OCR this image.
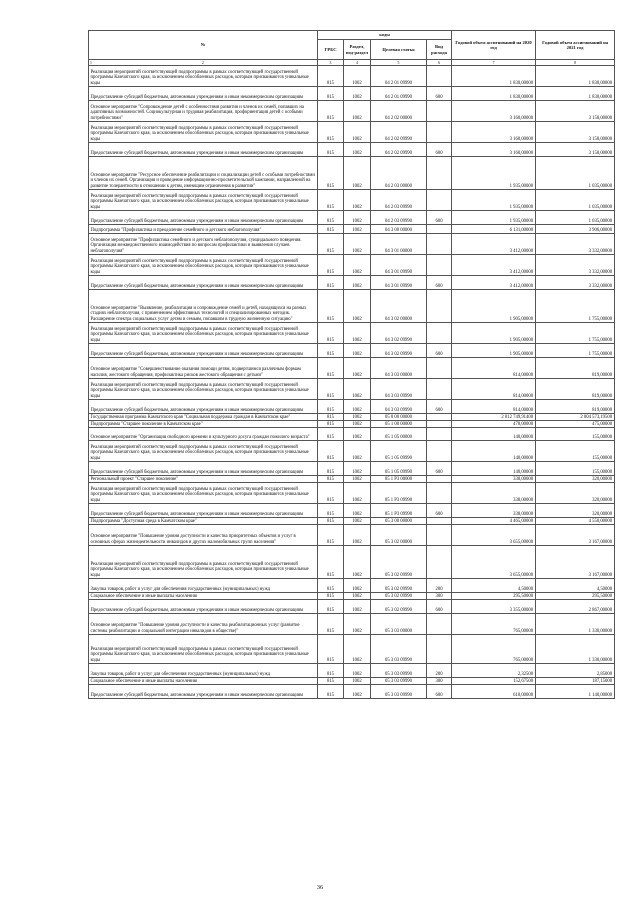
№	коды				Годовой объем ассигнований на 2020 год	Годовой объем ассигнований на 2021 год
	ГРБС	Раздел, под-раздел	Целевая статья	Вид расхода		
1 2	3	4	5	6	7	8
Реализация мероприятий соответствующей подпрограммы в рамках соответствующей государственной программы Камчатского края, за исключением обособленных расходов, которым присваиваются уникальные коды	815	1002	04 2 01 09990		1 830,00000	1 830,00000
Предоставление субсидий бюджетным, автономным учреждениям и иным некоммерческим организациям	815	1002	04 2 01 09990	600	1 830,00000	1 830,00000
Основное мероприятие "Сопровождение детей с особенностями развития и членов их семей, попавших на адаптивных возможностей. Социокультурная и трудовая реабилитация, профориентация детей с особыми потребностями"	815	1002	04 2 02 00000		3 160,00000	3 158,00000
Реализация мероприятий соответствующей подпрограммы в рамках соответствующей государственной программы Камчатского края, за исключением обособленных расходов, которым присваиваются уникальные коды	815	1002	04 2 02 09990		3 160,00000	3 158,00000
Предоставление субсидий бюджетным, автономным учреждениям и иным некоммерческим организациям	815	1002	04 2 02 09990	600	3 160,00000	3 158,00000
Основное мероприятие "Ресурсное обеспечение реабилитации и социализации детей с особыми потребностями и членов их семей. Организация и проведение информационно-просветительской кампании, направленной на развитие толерантности в отношении к детям, имеющим ограничения в развитии"	815	1002	04 2 03 00000		1 935,00000	1 035,00000
Реализация мероприятий соответствующей подпрограммы в рамках соответствующей государственной программы Камчатского края, за исключением обособленных расходов, которым присваиваются уникальные коды	815	1002	04 2 03 09990		1 935,00000	1 035,00000
Предоставление субсидий бюджетным, автономным учреждениям и иным некоммерческим организациям	815	1002	04 2 03 09990	600	1 935,00000	1 035,00000
Подпрограмма "Профилактика и преодоление семейного и детского неблагополучия"	815	1002	04 3 00 00000		6 131,00000	3 906,00000
Основное мероприятие "Профилактика семейного и детского неблагополучия, суицидального поведения. Организация межведомственного взаимодействия по вопросам профилактики и выявления случаев неблагополучия"	815	1002	04 3 01 00000		3 412,00000	3 332,00000
Реализация мероприятий соответствующей подпрограммы в рамках соответствующей государственной программы Камчатского края, за исключением обособленных расходов, которым присваиваются уникальные коды	815	1002	04 3 01 09990		3 412,00000	3 332,00000
Предоставление субсидий бюджетным, автономным учреждениям и иным некоммерческим организациям	815	1002	04 3 01 09990	600	3 412,00000	3 332,00000
Основное мероприятие "Выявление, реабилитация и сопровождение семей и детей, находящихся на разных стадиях неблагополучия, с применением эффективных технологий и специализированных методик. Расширение спектра социальных услуг детям и семьям, попавшим в трудную жизненную ситуацию"	815	1002	04 3 02 00000		1 905,00000	1 755,00000
Реализация мероприятий соответствующей подпрограммы в рамках соответствующей государственной программы Камчатского края, за исключением обособленных расходов, которым присваиваются уникальные коды	815	1002	04 3 02 09990		1 905,00000	1 755,00000
Предоставление субсидий бюджетным, автономным учреждениям и иным некоммерческим организациям	815	1002	04 3 02 09990	600	1 905,00000	1 755,00000
Основное мероприятие "Совершенствование оказания помощи детям, подвергшимся различным формам насилия, жестокого обращения, профилактика рисков жестокого обращения с детьми"	815	1002	04 3 03 00000		814,00000	819,00000
Реализация мероприятий соответствующей подпрограммы в рамках соответствующей государственной программы Камчатского края, за исключением обособленных расходов, которым присваиваются уникальные коды	815	1002	04 3 03 09990		814,00000	819,00000
Предоставление субсидий бюджетным, автономным учреждениям и иным некоммерческим организациям	815	1002	04 3 03 09990	600	814,00000	819,00000
Государственная программа Камчатского края "Социальная поддержка граждан в Камчатском крае"	815	1002	05 0 00 00000		2 012 749,91400	2 004 573,19500
Подпрограмма "Старшее поколение в Камчатском крае"	815	1002	05 1 00 00000		478,00000	475,00000
Основное мероприятие "Организация свободного времени и культурного досуга граждан пожилого возраста"	815	1002	05 1 05 00000		140,00000	155,00000
Реализация мероприятий соответствующей подпрограммы в рамках соответствующей государственной программы Камчатского края, за исключением обособленных расходов, которым присваиваются уникальные коды	815	1002	05 1 05 09990		140,00000	155,00000
Предоставление субсидий бюджетным, автономным учреждениям и иным некоммерческим организациям	815	1002	05 1 05 09990	600	140,00000	155,00000
Региональный проект "Старшее поколение"	815	1002	05 1 P3 00000		338,00000	320,00000
Реализация мероприятий соответствующей подпрограммы в рамках соответствующей государственной программы Камчатского края, за исключением обособленных расходов, которым присваиваются уникальные коды	815	1002	05 1 P3 09990		338,00000	320,00000
Предоставление субсидий бюджетным, автономным учреждениям и иным некоммерческим организациям	815	1002	05 1 P3 09990	600	338,00000	320,00000
Подпрограмма "Доступная среда в Камчатском крае"	815	1002	05 3 00 00000		4 465,00000	4 550,00000
Основное мероприятие "Повышение уровня доступности и качества приоритетных объектов и услуг в основных сферах жизнедеятельности инвалидов и других маломобильных групп населения"	815	1002	05 3 02 00000		3 655,00000	3 167,00000
Реализация мероприятий соответствующей подпрограммы в рамках соответствующей государственной программы Камчатского края, за исключением обособленных расходов, которым присваиваются уникальные коды	815	1002	05 3 02 09990		3 655,00000	3 167,00000
Закупка товаров, работ и услуг для обеспечения государственных (муниципальных) нужд	815	1002	05 3 02 09990	200	4,50000	4,50000
Социальное обеспечение и иные выплаты населению	815	1002	05 3 02 09990	300	295,50000	295,50000
Предоставление субсидий бюджетным, автономным учреждениям и иным некоммерческим организациям	815	1002	05 3 02 09990	600	3 355,00000	2 867,00000
Основное мероприятие "Повышение уровня доступности и качества реабилитационных услуг (развитие системы реабилитации и социальной интеграции инвалидов в обществе)"	815	1002	05 3 03 00000		765,00000	1 330,00000
Реализация мероприятий соответствующей подпрограммы в рамках соответствующей государственной программы Камчатского края, за исключением обособленных расходов, которым присваиваются уникальные коды	815	1002	05 3 03 09990		765,00000	1 330,00000
Закупка товаров, работ и услуг для обеспечения государственных (муниципальных) нужд	815	1002	05 3 03 09990	200	2,32500	2,85000
Социальное обеспечение и иные выплаты населению	815	1002	05 3 03 09990	300	152,67500	187,15000
Предоставление субсидий бюджетным, автономным учреждениям и иным некоммерческим организациям	815	1002	05 3 03 09990	600	610,00000	1 140,00000
36
